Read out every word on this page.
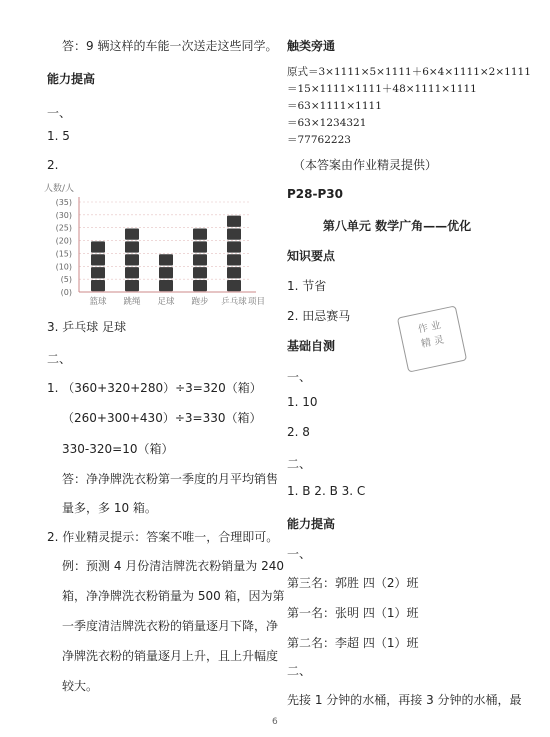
答：9 辆这样的车能一次送走这些同学。
能力提高
一、
1. 5
2.
人数/人
(0)
(5)
(10)
(15)
(20)
(25)
(30)
(35)
篮球 跳绳 足球 跑步 乒乓球 项目
3. 乒乓球 足球
二、
1. （360+320+280）÷3=320（箱）
（260+300+430）÷3=330（箱）
330-320=10（箱）
答：净净牌洗衣粉第一季度的月平均销售
量多，多 10 箱。
2. 作业精灵提示：答案不唯一，合理即可。
例：预测 4 月份清洁牌洗衣粉销量为 240
箱，净净牌洗衣粉销量为 500 箱，因为第
一季度清洁牌洗衣粉的销量逐月下降，净
净牌洗衣粉的销量逐月上升，且上升幅度
较大。
触类旁通
原式＝3×1111×5×1111＋6×4×1111×2×1111
＝15×1111×1111＋48×1111×1111
＝63×1111×1111
＝63×1234321
＝77762223
（本答案由作业精灵提供）
P28-P30
第八单元 数学广角——优化
知识要点
1. 节省
2. 田忌赛马
基础自测
一、
1. 10
2. 8
二、
1. B 2. B 3. C
能力提高
一、
第三名：郭胜 四（2）班
第一名：张明 四（1）班
第二名：李超 四（1）班
二、
先接 1 分钟的水桶，再接 3 分钟的水桶，最
作 业
精 灵
6
